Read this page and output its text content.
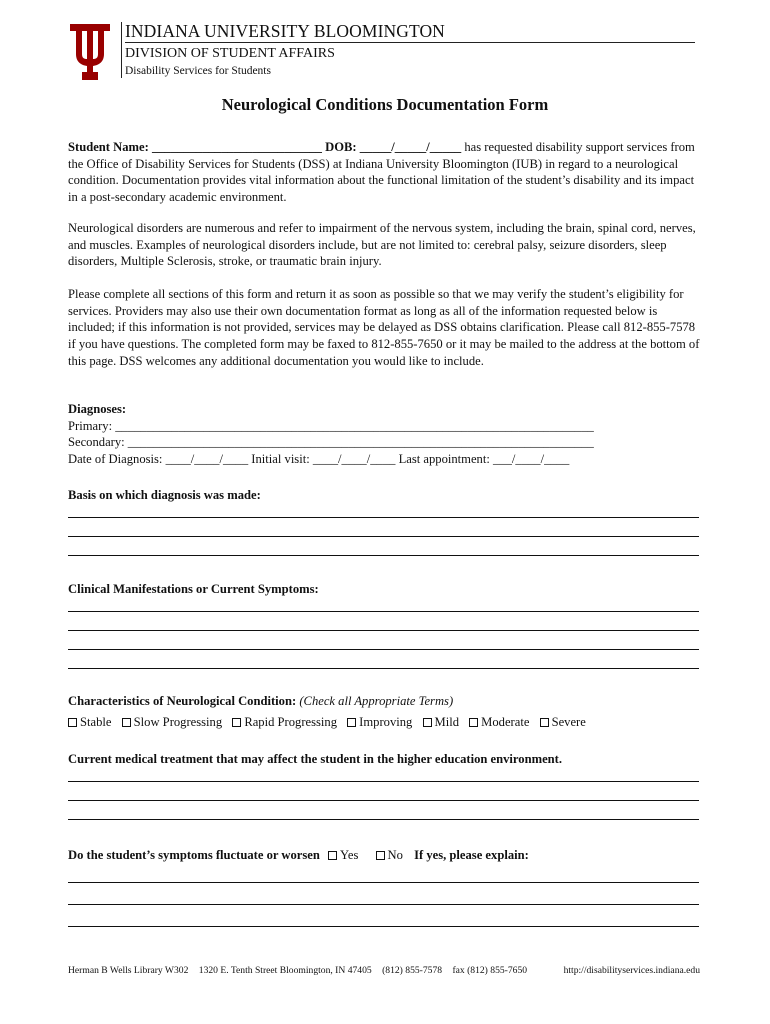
INDIANA UNIVERSITY BLOOMINGTON
DIVISION OF STUDENT AFFAIRS
Disability Services for Students
Neurological Conditions Documentation Form
Student Name: ___________________________ DOB: _____/_____/_____ has requested disability support services from the Office of Disability Services for Students (DSS) at Indiana University Bloomington (IUB) in regard to a neurological condition. Documentation provides vital information about the functional limitation of the student’s disability and its impact in a post-secondary academic environment.
Neurological disorders are numerous and refer to impairment of the nervous system, including the brain, spinal cord, nerves, and muscles. Examples of neurological disorders include, but are not limited to: cerebral palsy, seizure disorders, sleep disorders, Multiple Sclerosis, stroke, or traumatic brain injury.
Please complete all sections of this form and return it as soon as possible so that we may verify the student’s eligibility for services. Providers may also use their own documentation format as long as all of the information requested below is included; if this information is not provided, services may be delayed as DSS obtains clarification. Please call 812-855-7578 if you have questions. The completed form may be faxed to 812-855-7650 or it may be mailed to the address at the bottom of this page. DSS welcomes any additional documentation you would like to include.
Diagnoses:
Primary: ____________________________________________________________________________
Secondary: __________________________________________________________________________
Date of Diagnosis: ____/____/____ Initial visit: ____/____/____ Last appointment: ___/____/____
Basis on which diagnosis was made:
Clinical Manifestations or Current Symptoms:
Characteristics of Neurological Condition: (Check all Appropriate Terms)
Stable Slow Progressing Rapid Progressing Improving Mild Moderate Severe
Current medical treatment that may affect the student in the higher education environment.
Do the student’s symptoms fluctuate or worsen Yes No If yes, please explain:
Herman B Wells Library W302 1320 E. Tenth Street Bloomington, IN 47405 (812) 855-7578 fax (812) 855-7650	http://disabilityservices.indiana.edu
